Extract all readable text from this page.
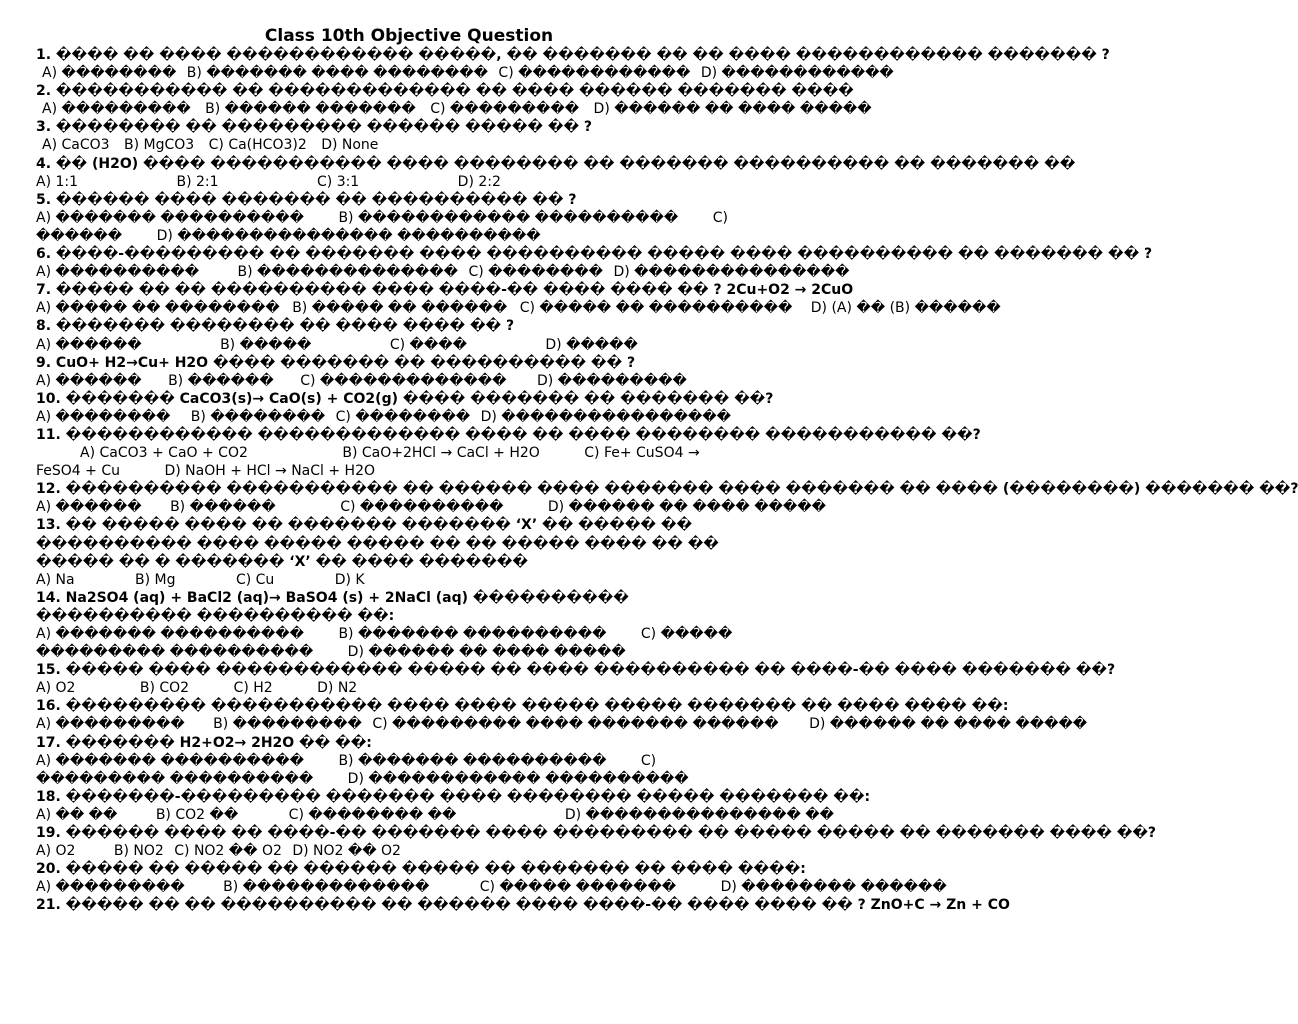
Class 10th Objective Question
1. ���� �� ���� ������������ �����, �� ������� �� �� ���� ������������ ������� ?
A) �������� B) ������� ���� �������� C) ������������ D) ������������
2. ����������� �� ������������� �� ���� ������ ������� ����
A) ��������� B) ������ ������� C) ��������� D) ������ �� ���� �����
3. �������� �� ��������� ������ ����� �� ?
A) CaCO3 B) MgCO3 C) Ca(HCO3)2 D) None
4. �� (H2O) ���� ����������� ���� �������� �� ������� ���������� �� ������� ��
A) 1:1	B) 2:1	C) 3:1	D) 2:2
5. ������ ���� ������� �� ���������� �� ?
A) ������� ���������� B) ������������ ���������� C) ������ D) ��������������� ����������
6. ����-��������� �� ������� ���� ���������� ����� ���� ���������� �� ������� �� ?
A) ����������	B) �������������� C) �������� D) ���������������
7. ����� �� �� ���������� ���� ����-�� ���� ���� �� ? 2Cu+O2 → 2CuO
A) ����� �� �������� B) ����� �� ������ C) ����� �� ���������� D) (A) �� (B) ������
8. ������� �������� �� ���� ���� �� ?
A) ������	B) �����	C) ����	D) �����
9. CuO+ H2→Cu+ H2O ���� ������� �� ���������� �� ?
A) ������ B) ������ C) ������������� D) ���������
10. ������� CaCO3(s)→ CaO(s) + CO2(g) ���� ������� �� ������� ��?
A) �������� B) �������� C) �������� D) ����������������
11. ������������ ������������� ���� �� ���� �������� ����������� ��?
A) CaCO3 + CaO + CO2	B) CaO+2HCl → CaCl + H2O	C) Fe+ CuSO4 → FeSO4 + Cu	D) NaOH + HCl → NaCl + H2O
12. ���������� ����������� �� ������ ���� ������� ���� ������� �� ���� (��������) ������� ��?
A) ������ B) ������	C) ����������	D) ������ �� ���� �����
13. �� ����� ���� �� ������� ������� ‘X’ �� ����� �� ���������� ���� ����� ����� �� �� ����� ���� �� �� ����� �� � ������� ‘X’ �� ���� �������
A) Na	B) Mg	C) Cu	D) K
14. Na2SO4 (aq) + BaCl2 (aq)→ BaSO4 (s) + 2NaCl (aq) ���������� ���������� ���������� ��:
A) ������� ���������� B) ������� ���������� C) ����� ��������� ���������� D) ������ �� ���� �����
15. ����� ���� ������������ ����� �� ���� ���������� �� ����-�� ���� ������� ��?
A) O2	B) CO2	C) H2	D) N2
16. ��������� ����������� ���� ���� ����� ����� ������� �� ���� ���� ��:
A) ��������� B) ��������� C) ��������� ���� ������� ������ D) ������ �� ���� �����
17. ������� H2+O2→ 2H2O �� ��:
A) ������� ���������� B) ������� ���������� C) ��������� ���������� D) ������������ ����������
18. �������-��������� ������� ���� �������� ����� ������� ��:
A) �� ��	B) CO2 ��	C) �������� ��	D) ��������������� ��
19. ������ ���� �� ����-�� ������� ���� ��������� �� ����� ����� �� ������� ���� ��?
A) O2	B) NO2 C) NO2 �� O2 D) NO2 �� O2
20. ����� �� ����� �� ������ ����� �� ������� �� ���� ����:
A) ���������	B) �������������	C) ����� �������	D) �������� ������
21. ����� �� �� ���������� �� ������ ���� ����-�� ���� ���� �� ? ZnO+C → Zn + CO
